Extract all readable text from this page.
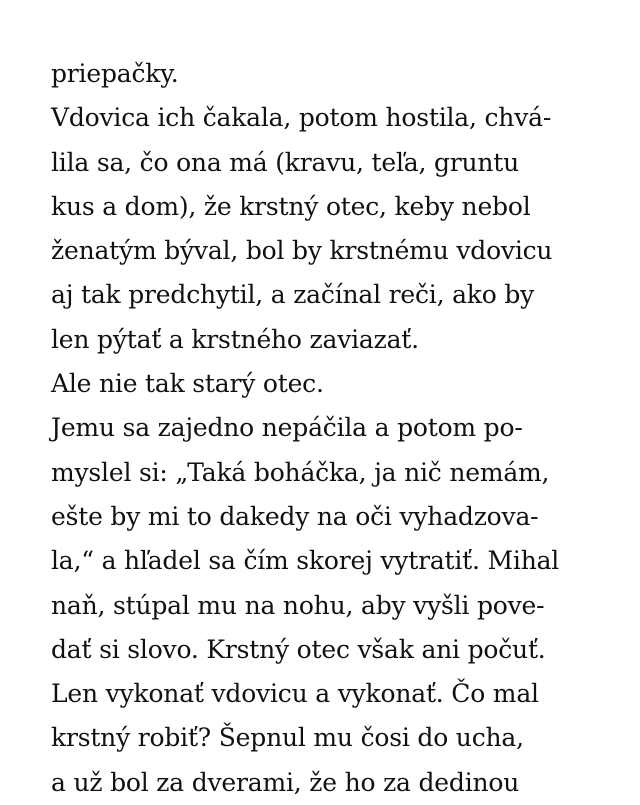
priepačky.
Vdovica ich čakala, potom hostila, chvá-
lila sa, čo ona má (kravu, teľa, gruntu
kus a dom), že krstný otec, keby nebol
ženatým býval, bol by krstnému vdovicu
aj tak predchytil, a začínal reči, ako by
len pýtať a krstného zaviazať.
Ale nie tak starý otec.
Jemu sa zajedno nepáčila a potom po-
myslel si: „Taká boháčka, ja nič nemám,
ešte by mi to dakedy na oči vyhadzova-
la,“ a hľadel sa čím skorej vytratiť. Mihal
naň, stúpal mu na nohu, aby vyšli pove-
dať si slovo. Krstný otec však ani počuť.
Len vykonať vdovicu a vykonať. Čo mal
krstný robiť? Šepnul mu čosi do ucha,
a už bol za dverami, že ho za dedinou
